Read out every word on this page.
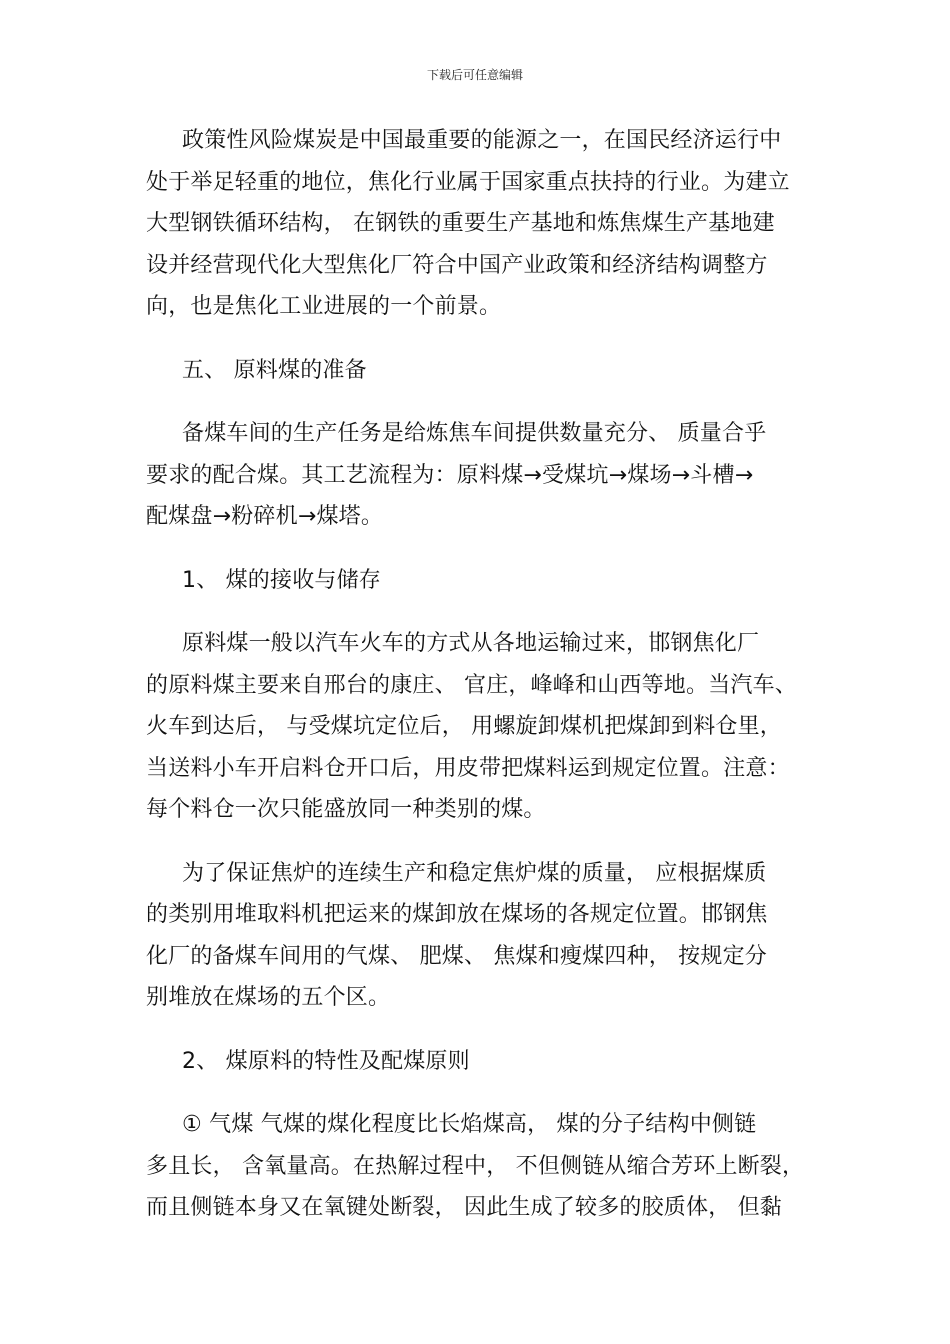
下载后可任意编辑
政策性风险煤炭是中国最重要的能源之一，在国民经济运行中
处于举足轻重的地位，焦化行业属于国家重点扶持的行业。为建立
大型钢铁循环结构， 在钢铁的重要生产基地和炼焦煤生产基地建
设并经营现代化大型焦化厂符合中国产业政策和经济结构调整方
向，也是焦化工业进展的一个前景。
五、 原料煤的准备
备煤车间的生产任务是给炼焦车间提供数量充分、 质量合乎
要求的配合煤。其工艺流程为：原料煤→受煤坑→煤场→斗槽→
配煤盘→粉碎机→煤塔。
1、 煤的接收与储存
原料煤一般以汽车火车的方式从各地运输过来，邯钢焦化厂
的原料煤主要来自邢台的康庄、 官庄，峰峰和山西等地。当汽车、
火车到达后， 与受煤坑定位后， 用螺旋卸煤机把煤卸到料仓里，
当送料小车开启料仓开口后，用皮带把煤料运到规定位置。注意：
每个料仓一次只能盛放同一种类别的煤。
为了保证焦炉的连续生产和稳定焦炉煤的质量， 应根据煤质
的类别用堆取料机把运来的煤卸放在煤场的各规定位置。邯钢焦
化厂的备煤车间用的气煤、 肥煤、 焦煤和瘦煤四种， 按规定分
别堆放在煤场的五个区。
2、 煤原料的特性及配煤原则
① 气煤 气煤的煤化程度比长焰煤高， 煤的分子结构中侧链
多且长， 含氧量高。在热解过程中， 不但侧链从缩合芳环上断裂，
而且侧链本身又在氧键处断裂， 因此生成了较多的胶质体， 但黏
